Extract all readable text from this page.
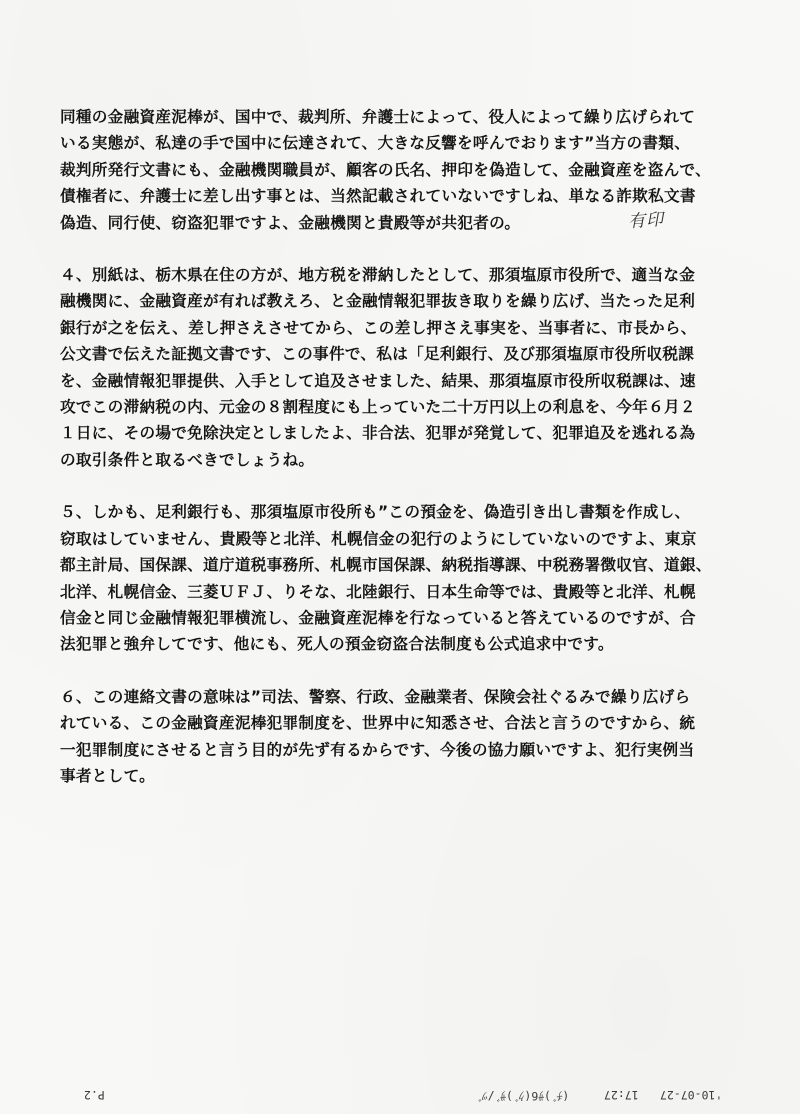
同種の金融資産泥棒が、国中で、裁判所、弁護士によって、役人によって繰り広げられて
いる実態が、私達の手で国中に伝達されて、大きな反響を呼んでおります”当方の書類、
裁判所発行文書にも、金融機関職員が、顧客の氏名、押印を偽造して、金融資産を盗んで、
債権者に、弁護士に差し出す事とは、当然記載されていないですしね、単なる詐欺私文書
偽造、同行使、窃盗犯罪ですよ、金融機関と貴殿等が共犯者の。

４、別紙は、栃木県在住の方が、地方税を滞納したとして、那須塩原市役所で、適当な金
融機関に、金融資産が有れば教えろ、と金融情報犯罪抜き取りを繰り広げ、当たった足利
銀行が之を伝え、差し押さえさせてから、この差し押さえ事実を、当事者に、市長から、
公文書で伝えた証拠文書です、この事件で、私は「足利銀行、及び那須塩原市役所収税課
を、金融情報犯罪提供、入手として追及させました、結果、那須塩原市役所収税課は、速
攻でこの滞納税の内、元金の８割程度にも上っていた二十万円以上の利息を、今年６月２
１日に、その場で免除決定としましたよ、非合法、犯罪が発覚して、犯罪追及を逃れる為
の取引条件と取るべきでしょうね。

５、しかも、足利銀行も、那須塩原市役所も”この預金を、偽造引き出し書類を作成し、
窃取はしていません、貴殿等と北洋、札幌信金の犯行のようにしていないのですよ、東京
都主計局、国保課、道庁道税事務所、札幌市国保課、納税指導課、中税務署徴収官、道銀、
北洋、札幌信金、三菱ＵＦＪ、りそな、北陸銀行、日本生命等では、貴殿等と北洋、札幌
信金と同じ金融情報犯罪横流し、金融資産泥棒を行なっていると答えているのですが、合
法犯罪と強弁してです、他にも、死人の預金窃盗合法制度も公式追求中です。

６、この連絡文書の意味は”司法、警察、行政、金融業者、保険会社ぐるみで繰り広げら
れている、この金融資産泥棒犯罪制度を、世界中に知悉させ、合法と言うのですから、統
一犯罪制度にさせると言う目的が先ず有るからです、今後の協力願いですよ、犯行実例当
事者として。

有印
P.2	(ﾁﾞ)ｻ6(ｸﾞ)ｻﾞ/ﾂﾞ	17:27 '10-07-27
